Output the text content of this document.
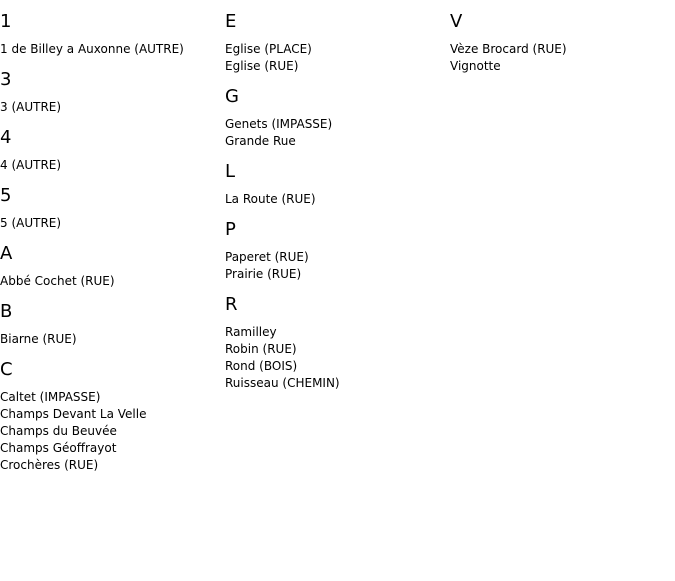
1
1 de Billey a Auxonne (AUTRE)
3
3 (AUTRE)
4
4 (AUTRE)
5
5 (AUTRE)
A
Abbé Cochet (RUE)
B
Biarne (RUE)
C
Caltet (IMPASSE)
Champs Devant La Velle
Champs du Beuvée
Champs Géoffrayot
Crochères (RUE)
E
Eglise (PLACE)
Eglise (RUE)
G
Genets (IMPASSE)
Grande Rue
L
La Route (RUE)
P
Paperet (RUE)
Prairie (RUE)
R
Ramilley
Robin (RUE)
Rond (BOIS)
Ruisseau (CHEMIN)
V
Vèze Brocard (RUE)
Vignotte
